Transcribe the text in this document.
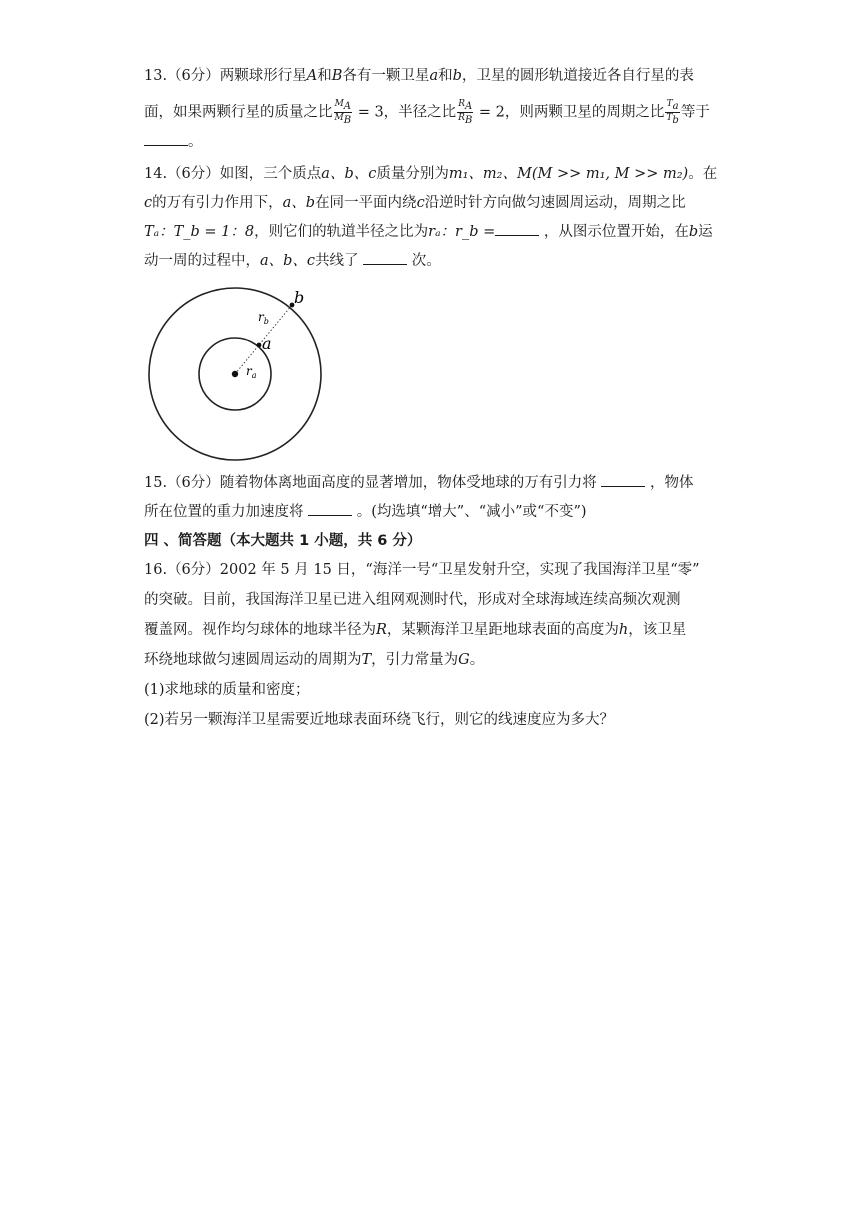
13.（6分）两颗球形行星A和B各有一颗卫星a和b，卫星的圆形轨道接近各自行星的表
面，如果两颗行星的质量之比 $\frac{M_A}{M_B} = 3$，半径之比 $\frac{R_A}{R_B} = 2$，则两颗卫星的周期之比 $\frac{T_a}{T_b}$ 等于
。
14.（6分）如图，三个质点a、b、c质量分别为m₁、m₂、M(M >> m₁, M >> m₂)。在
c的万有引力作用下，a、b在同一平面内绕c沿逆时针方向做匀速圆周运动，周期之比
Tₐ：T_b = 1：8，则它们的轨道半径之比为rₐ：r_b =	，从图示位置开始，在b运
动一周的过程中，a、b、c共线了	次。
b
a
$r_b$
$r_a$
15.（6分）随着物体离地面高度的显著增加，物体受地球的万有引力将	，物体
所在位置的重力加速度将	。(均选填“增大”、“减小”或“不变”)
四 、简答题（本大题共 1 小题，共 6 分）
16.（6分）2002 年 5 月 15 日，“海洋一号“卫星发射升空，实现了我国海洋卫星“零”
的突破。目前，我国海洋卫星已进入组网观测时代，形成对全球海域连续高频次观测
覆盖网。视作均匀球体的地球半径为R，某颗海洋卫星距地球表面的高度为h，该卫星
环绕地球做匀速圆周运动的周期为T，引力常量为G。
(1)求地球的质量和密度；
(2)若另一颗海洋卫星需要近地球表面环绕飞行，则它的线速度应为多大？
